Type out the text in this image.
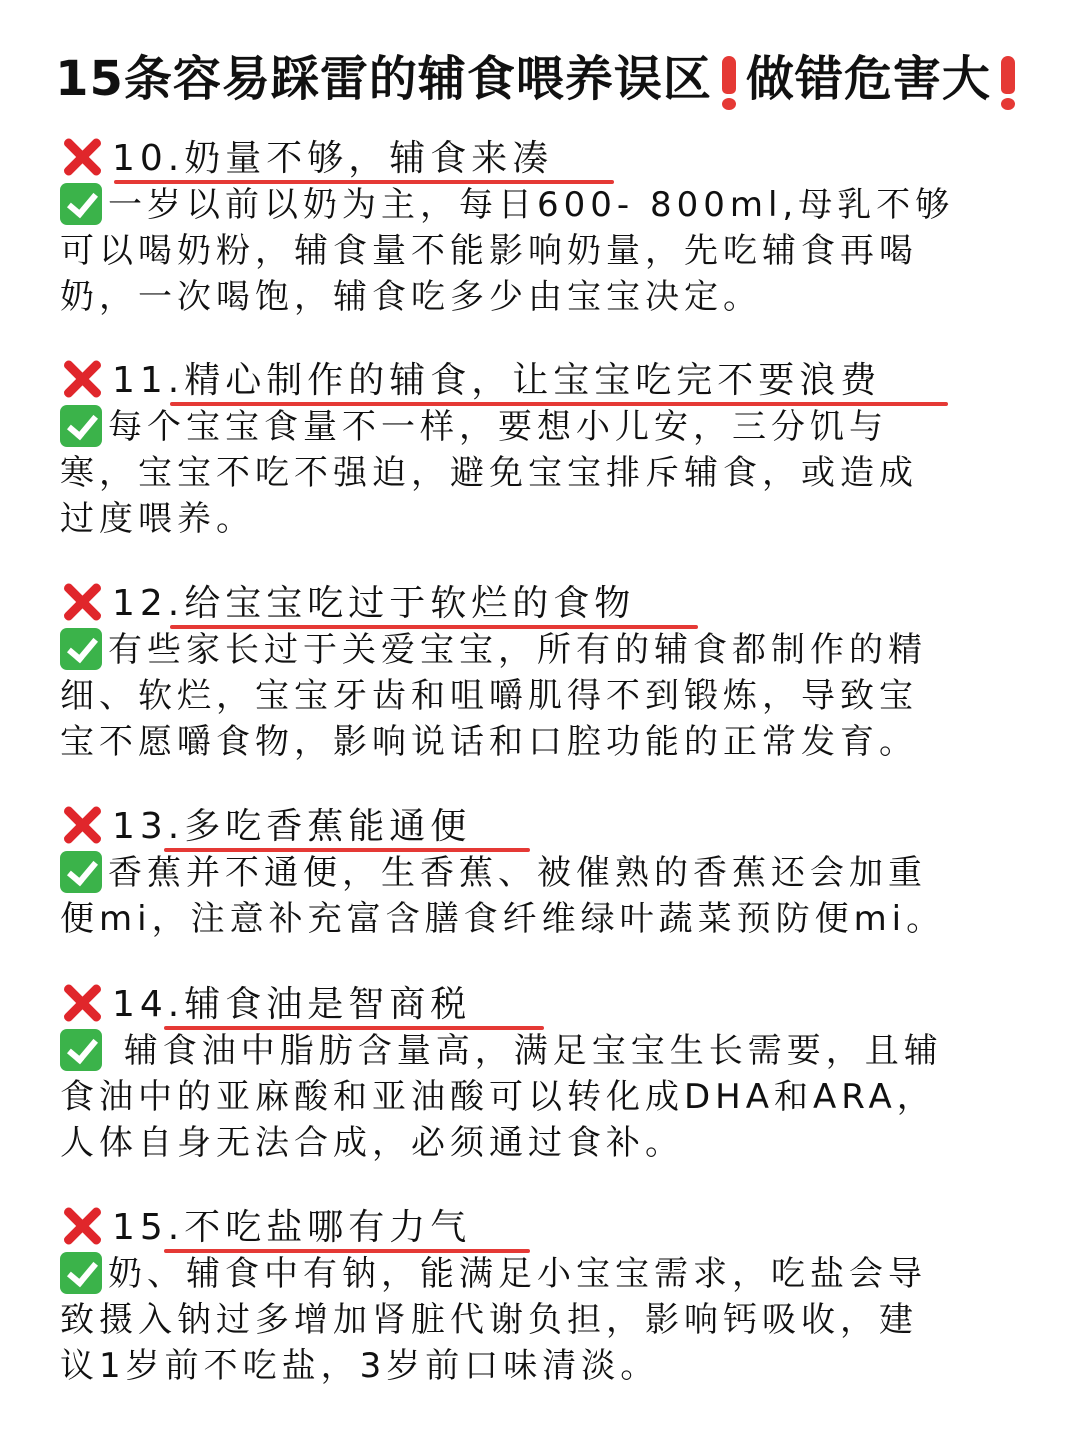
15条容易踩雷的辅食喂养误区 做错危害大
10.奶量不够，辅食来凑
一岁以前以奶为主，每日600- 800ml,母乳不够
可以喝奶粉，辅食量不能影响奶量，先吃辅食再喝
奶，一次喝饱，辅食吃多少由宝宝决定。
11.精心制作的辅食，让宝宝吃完不要浪费
每个宝宝食量不一样，要想小儿安，三分饥与
寒，宝宝不吃不强迫，避免宝宝排斥辅食，或造成
过度喂养。
12.给宝宝吃过于软烂的食物
有些家长过于关爱宝宝，所有的辅食都制作的精
细、软烂，宝宝牙齿和咀嚼肌得不到锻炼，导致宝
宝不愿嚼食物，影响说话和口腔功能的正常发育。
13.多吃香蕉能通便
香蕉并不通便，生香蕉、被催熟的香蕉还会加重
便mi，注意补充富含膳食纤维绿叶蔬菜预防便mi。
14.辅食油是智商税
辅食油中脂肪含量高，满足宝宝生长需要，且辅
食油中的亚麻酸和亚油酸可以转化成DHA和ARA，
人体自身无法合成，必须通过食补。
15.不吃盐哪有力气
奶、辅食中有钠，能满足小宝宝需求，吃盐会导
致摄入钠过多增加肾脏代谢负担，影响钙吸收，建
议1岁前不吃盐，3岁前口味清淡。
